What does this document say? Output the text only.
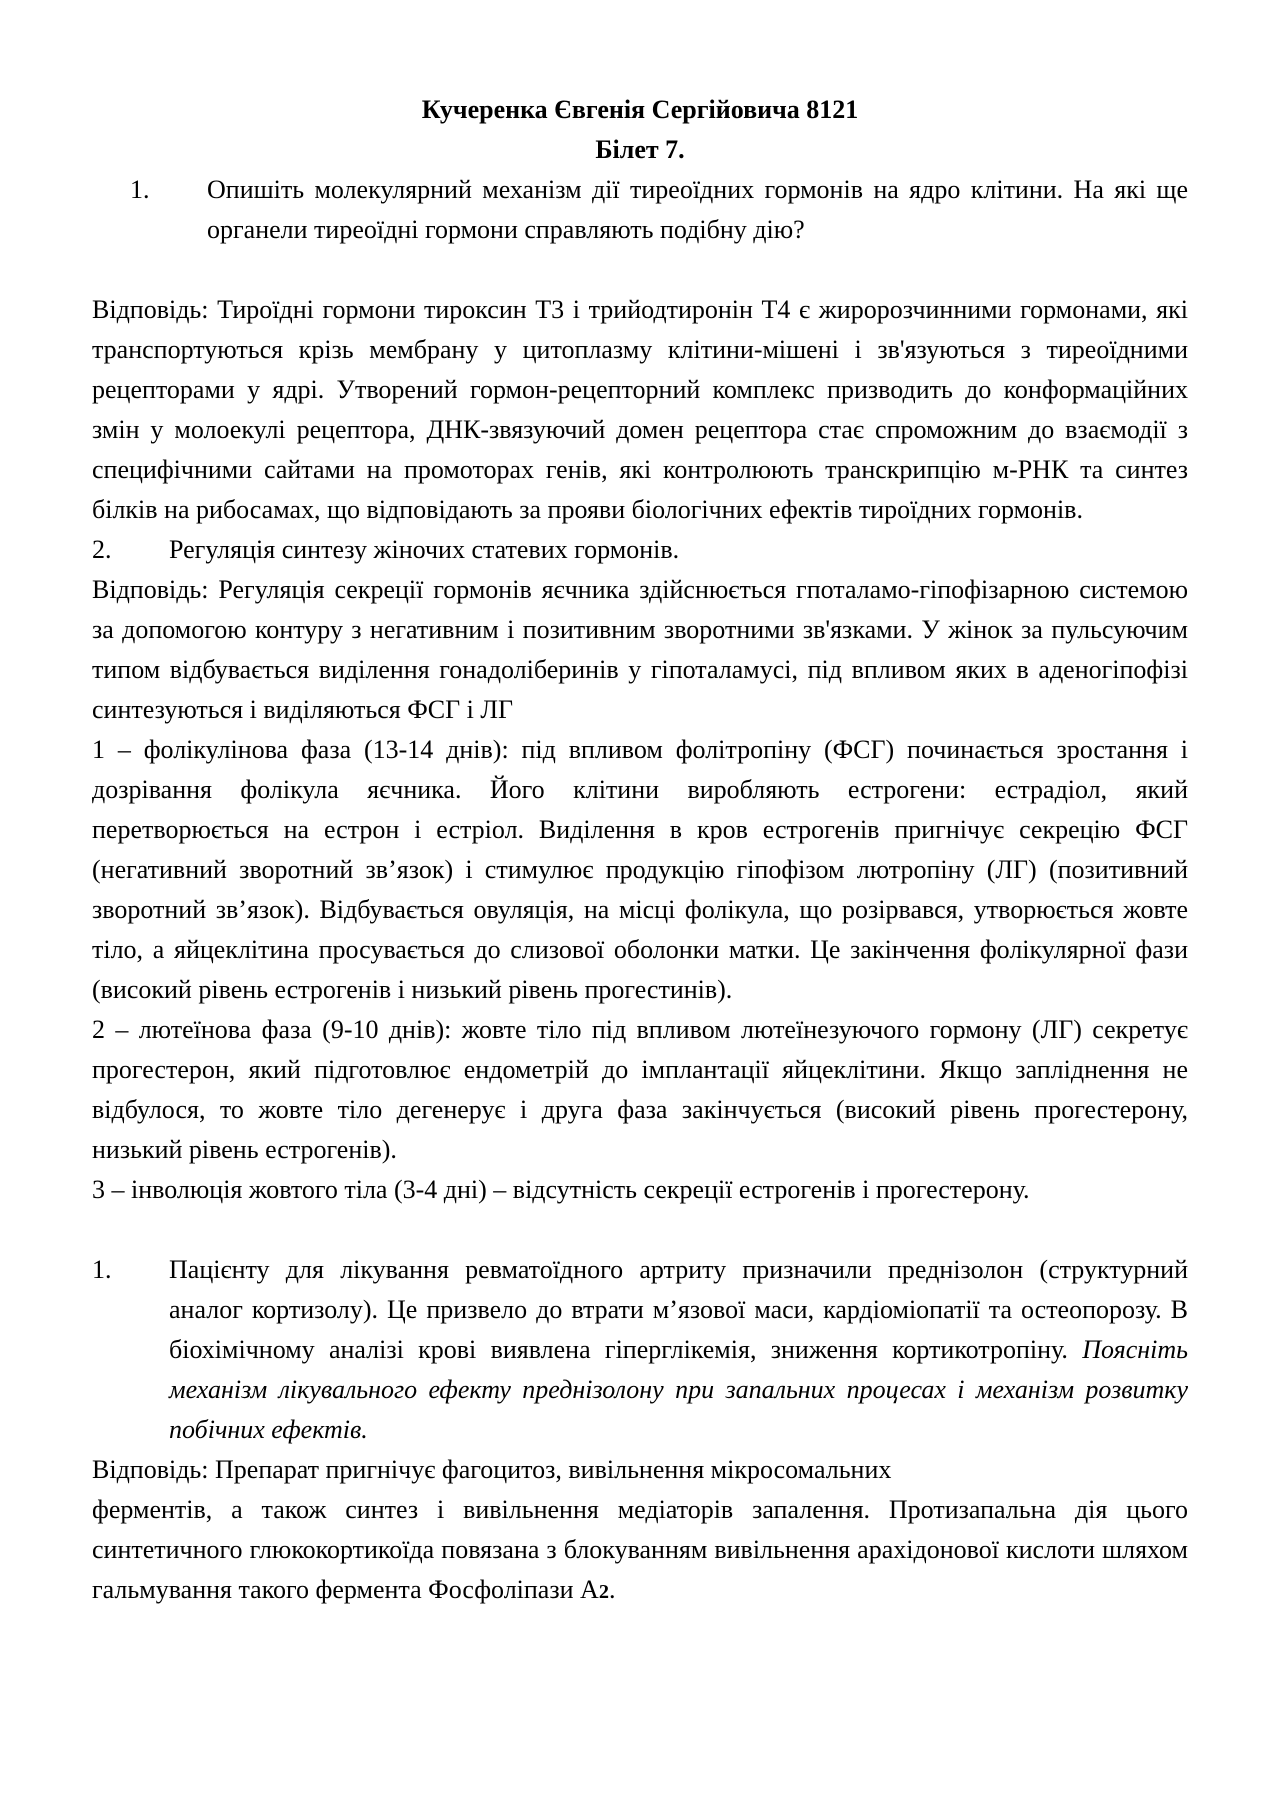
Кучеренка Євгенія Сергійовича 8121

Білет 7.

1.	Опишіть молекулярний механізм дії тиреоїдних гормонів на ядро клітини. На які ще органели тиреоїдні гормони справляють подібну дію?

Відповідь: Тироїдні гормони тироксин Т3 і трийодтиронін Т4 є жиророзчинними гормонами, які транспортуються крізь мембрану у цитоплазму клітини-мішені і зв'язуються з тиреоїдними рецепторами у ядрі. Утворений гормон-рецепторний комплекс призводить до конформаційних змін у молоекулі рецептора, ДНК-звязуючий домен рецептора стає спроможним до взаємодії з специфічними сайтами на промоторах генів, які контролюють транскрипцію м-РНК та синтез білків на рибосамах, що відповідають за прояви біологічних ефектів тироїдних гормонів.

2.	Регуляція синтезу жіночих статевих гормонів.

Відповідь: Регуляція секреції гормонів яєчника здійснюється гпоталамо-гіпофізарною системою за допомогою контуру з негативним і позитивним зворотними зв'язками. У жінок за пульсуючим типом відбувається виділення гонадоліберинів у гіпоталамусі, під впливом яких в аденогіпофізі синтезуються і виділяються ФСГ і ЛГ

1 – фолікулінова фаза (13-14 днів): під впливом фолітропіну (ФСГ) починається зростання і дозрівання фолікула яєчника. Його клітини виробляють естрогени: естрадіол, який перетворюється на естрон і естріол. Виділення в кров естрогенів пригнічує секрецію ФСГ (негативний зворотний зв’язок) і стимулює продукцію гіпофізом лютропіну (ЛГ) (позитивний зворотний зв’язок). Відбувається овуляція, на місці фолікула, що розірвався, утворюється жовте тіло, а яйцеклітина просувається до слизової оболонки матки. Це закінчення фолікулярної фази (високий рівень естрогенів і низький рівень прогестинів).

2 – лютеїнова фаза (9-10 днів): жовте тіло під впливом лютеїнезуючого гормону (ЛГ) секретує прогестерон, який підготовлює ендометрій до імплантації яйцеклітини. Якщо запліднення не відбулося, то жовте тіло дегенерує і друга фаза закінчується (високий рівень прогестерону, низький рівень естрогенів).

3 – інволюція жовтого тіла (3-4 дні) – відсутність секреції естрогенів і прогестерону.

1.	Пацієнту для лікування ревматоїдного артриту призначили преднізолон (структурний аналог кортизолу). Це призвело до втрати м’язової маси, кардіоміопатії та остеопорозу. В біохімічному аналізі крові виявлена гіперглікемія, зниження кортикотропіну. Поясніть механізм лікувального ефекту преднізолону при запальних процесах і механізм розвитку побічних ефектів.

Відповідь: Препарат пригнічує фагоцитоз, вивільнення мікросомальних

ферментів, а також синтез і вивільнення медіаторів запалення. Протизапальна дія цього синтетичного глюкокортикоїда повязана з блокуванням вивільнення арахідонової кислоти шляхом гальмування такого фермента Фосфоліпази А2.
